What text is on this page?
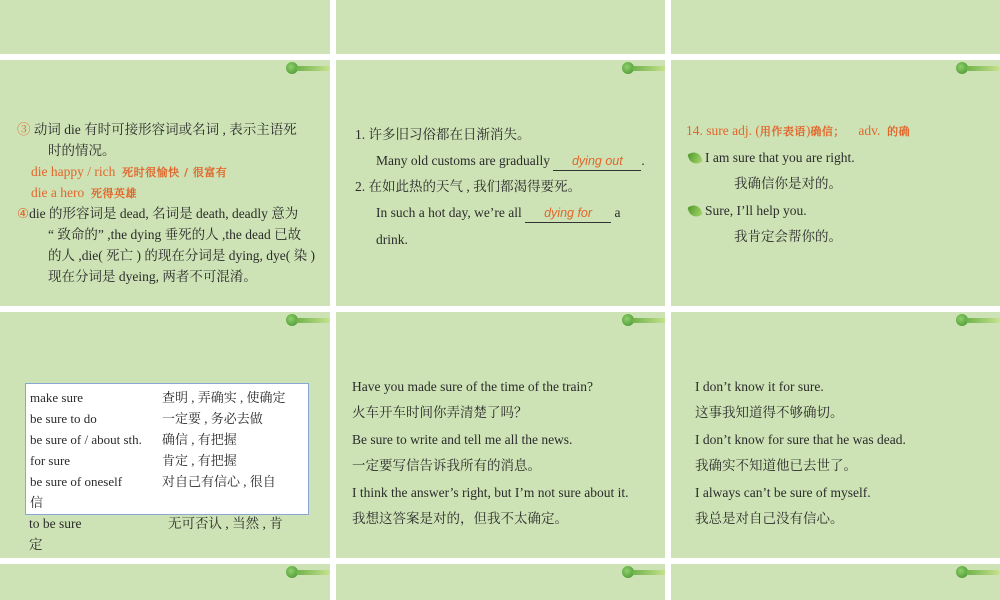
③ 动词 die 有时可接形容词或名词 , 表示主语死
时的情况。
die happy / rich 死时很愉快 / 很富有
die a hero 死得英雄
④die 的形容词是 dead, 名词是 death, deadly 意为
“ 致命的” ,the dying 垂死的人 ,the dead 已故
的人 ,die( 死亡 ) 的现在分词是 dying, dye( 染 )
现在分词是 dyeing, 两者不可混淆。
1. 许多旧习俗都在日渐消失。
Many old customs are gradually dying out .
2. 在如此热的天气 , 我们都渴得要死。
In such a hot day, we’re all dying for a
drink.
14. sure adj. (用作表语)确信； adv. 的确
I am sure that you are right.
我确信你是对的。
Sure, I’ll help you.
我肯定会帮你的。
make sure	查明 , 弄确实 , 使确定
be sure to do	一定要 , 务必去做
be sure of / about sth. 确信 , 有把握
for sure	肯定 , 有把握
be sure of oneself	对自己有信心 , 很自
信
to be sure	无可否认 , 当然 , 肯
定
Have you made sure of the time of the train?
火车开车时间你弄清楚了吗？
Be sure to write and tell me all the news.
一定要写信告诉我所有的消息。
I think the answer’s right, but I’m not sure about it.
我想这答案是对的，但我不太确定。
I don’t know it for sure.
这事我知道得不够确切。
I don’t know for sure that he was dead.
我确实不知道他已去世了。
I always can’t be sure of myself.
我总是对自己没有信心。
